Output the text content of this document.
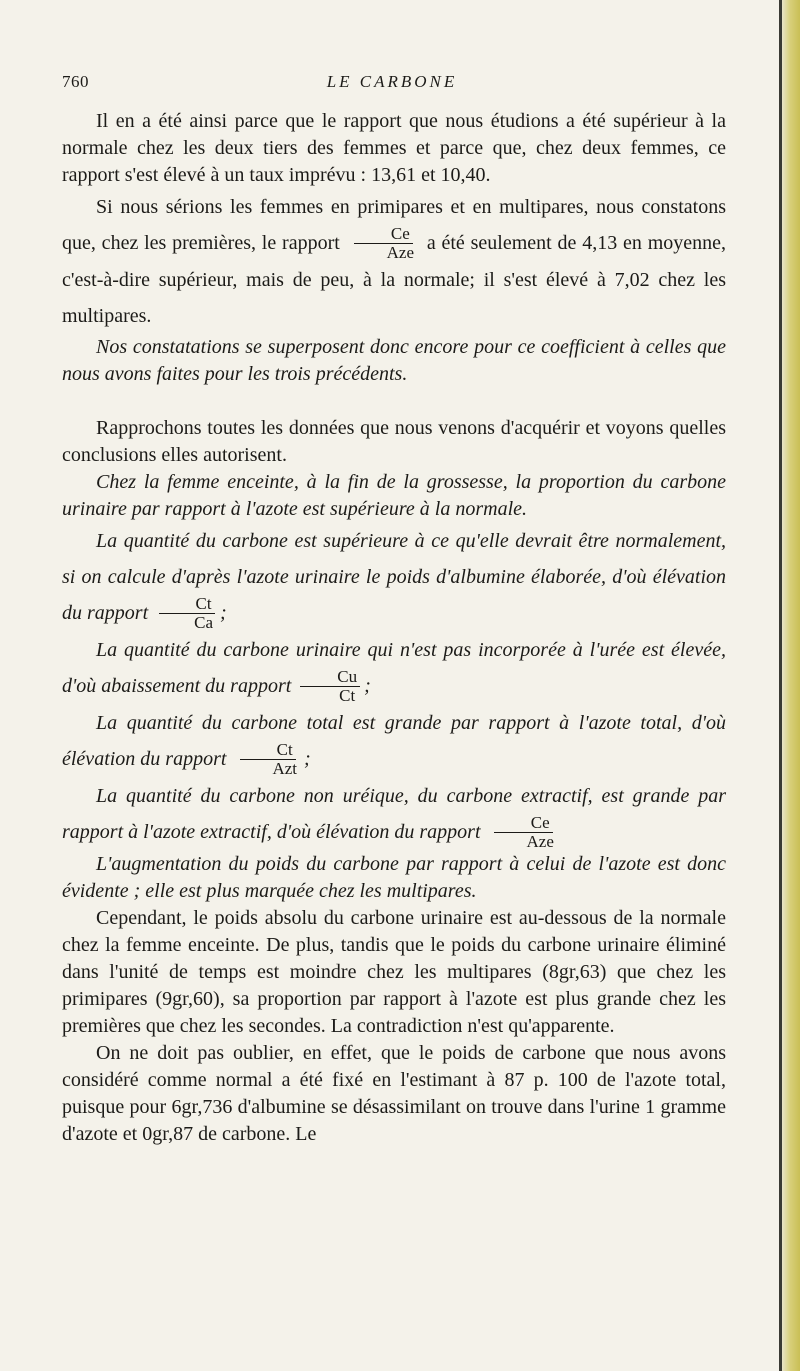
760	LE CARBONE

Il en a été ainsi parce que le rapport que nous étudions a été supérieur à la normale chez les deux tiers des femmes et parce que, chez deux femmes, ce rapport s'est élevé à un taux imprévu : 13,61 et 10,40.

Si nous sérions les femmes en primipares et en multipares, nous constatons que, chez les premières, le rapport $\frac{Ce}{\text{Aze}}$ a été seulement de 4,13 en moyenne, c'est-à-dire supérieur, mais de peu, à la normale; il s'est élevé à 7,02 chez les multipares.

Nos constatations se superposent donc encore pour ce coefficient à celles que nous avons faites pour les trois précédents.

Rapprochons toutes les données que nous venons d'acquérir et voyons quelles conclusions elles autorisent.

Chez la femme enceinte, à la fin de la grossesse, la proportion du carbone urinaire par rapport à l'azote est supérieure à la normale.

La quantité du carbone est supérieure à ce qu'elle devrait être normalement, si on calcule d'après l'azote urinaire le poids d'albumine élaborée, d'où élévation du rapport $\frac{Ct}{Ca}$ ;

La quantité du carbone urinaire qui n'est pas incorporée à l'urée est élevée, d'où abaissement du rapport $\frac{Cu}{Ct}$ ;

La quantité du carbone total est grande par rapport à l'azote total, d'où élévation du rapport $\frac{Ct}{\text{Azt}}$ ;

La quantité du carbone non uréique, du carbone extractif, est grande par rapport à l'azote extractif, d'où élévation du rapport $\frac{Ce}{\text{Aze}}$

L'augmentation du poids du carbone par rapport à celui de l'azote est donc évidente ; elle est plus marquée chez les multipares.

Cependant, le poids absolu du carbone urinaire est au-dessous de la normale chez la femme enceinte. De plus, tandis que le poids du carbone urinaire éliminé dans l'unité de temps est moindre chez les multipares (8gr,63) que chez les primipares (9gr,60), sa proportion par rapport à l'azote est plus grande chez les premières que chez les secondes. La contradiction n'est qu'apparente.

On ne doit pas oublier, en effet, que le poids de carbone que nous avons considéré comme normal a été fixé en l'estimant à 87 p. 100 de l'azote total, puisque pour 6gr,736 d'albumine se désassimilant on trouve dans l'urine 1 gramme d'azote et 0gr,87 de carbone. Le
